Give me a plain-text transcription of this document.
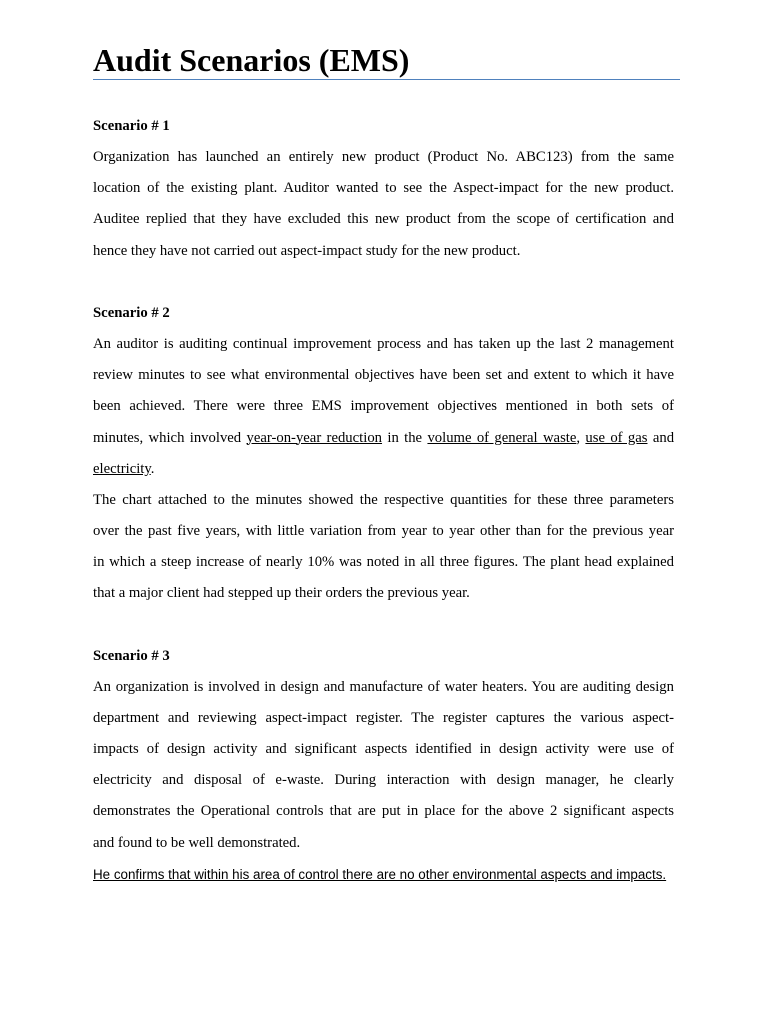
Audit Scenarios (EMS)
Scenario # 1
Organization has launched an entirely new product (Product No. ABC123) from the same
location of the existing plant. Auditor wanted to see the Aspect-impact for the new product.
Auditee replied that they have excluded this new product from the scope of certification and
hence they have not carried out aspect-impact study for the new product.
Scenario # 2
An auditor is auditing continual improvement process and has taken up the last 2 management
review minutes to see what environmental objectives have been set and extent to which it have
been achieved. There were three EMS improvement objectives mentioned in both sets of
minutes, which involved year-on-year reduction in the volume of general waste, use of gas and
electricity.
The chart attached to the minutes showed the respective quantities for these three parameters
over the past five years, with little variation from year to year other than for the previous year
in which a steep increase of nearly 10% was noted in all three figures. The plant head explained
that a major client had stepped up their orders the previous year.
Scenario # 3
An organization is involved in design and manufacture of water heaters. You are auditing design
department and reviewing aspect-impact register. The register captures the various aspect-
impacts of design activity and significant aspects identified in design activity were use of
electricity and disposal of e-waste. During interaction with design manager, he clearly
demonstrates the Operational controls that are put in place for the above 2 significant aspects
and found to be well demonstrated.
He confirms that within his area of control there are no other environmental aspects and impacts.
